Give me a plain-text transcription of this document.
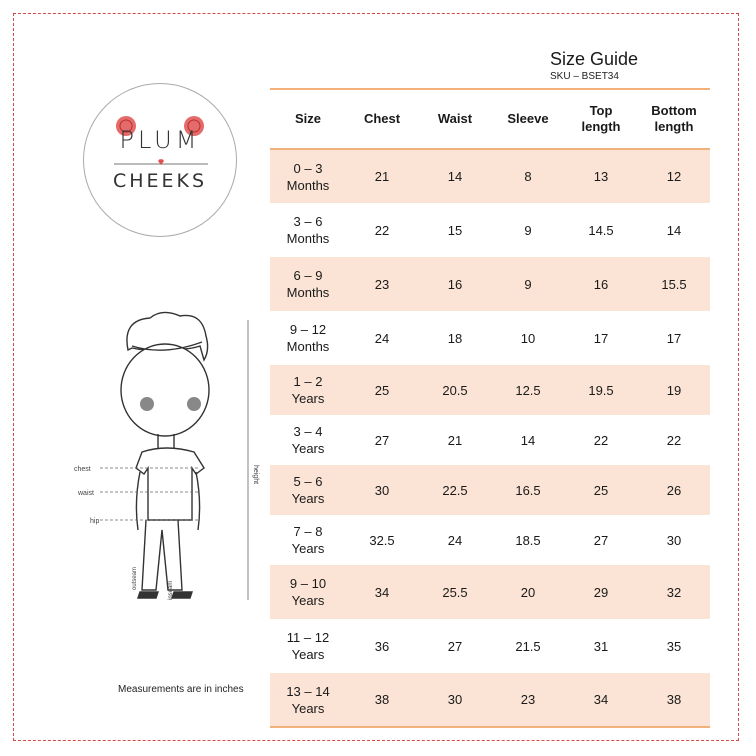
PLUM
CHEEKS
Size Guide
SKU – BSET34
Size	Chest	Waist	Sleeve	Top length	Bottom length

0 – 3
Months	21	14	8	13	12

3 – 6
Months	22	15	9	14.5	14

6 – 9
Months	23	16	9	16	15.5

9 – 12
Months	24	18	10	17	17

1 – 2
Years	25	20.5	12.5	19.5	19

3 – 4
Years	27	21	14	22	22

5 – 6
Years	30	22.5	16.5	25	26

7 – 8
Years	32.5	24	18.5	27	30

9 – 10
Years	34	25.5	20	29	32

11 – 12
Years	36	27	21.5	31	35

13 – 14
Years	38	30	23	34	38
chest
waist
hip
height
outseam
inseam
Measurements are in inches
